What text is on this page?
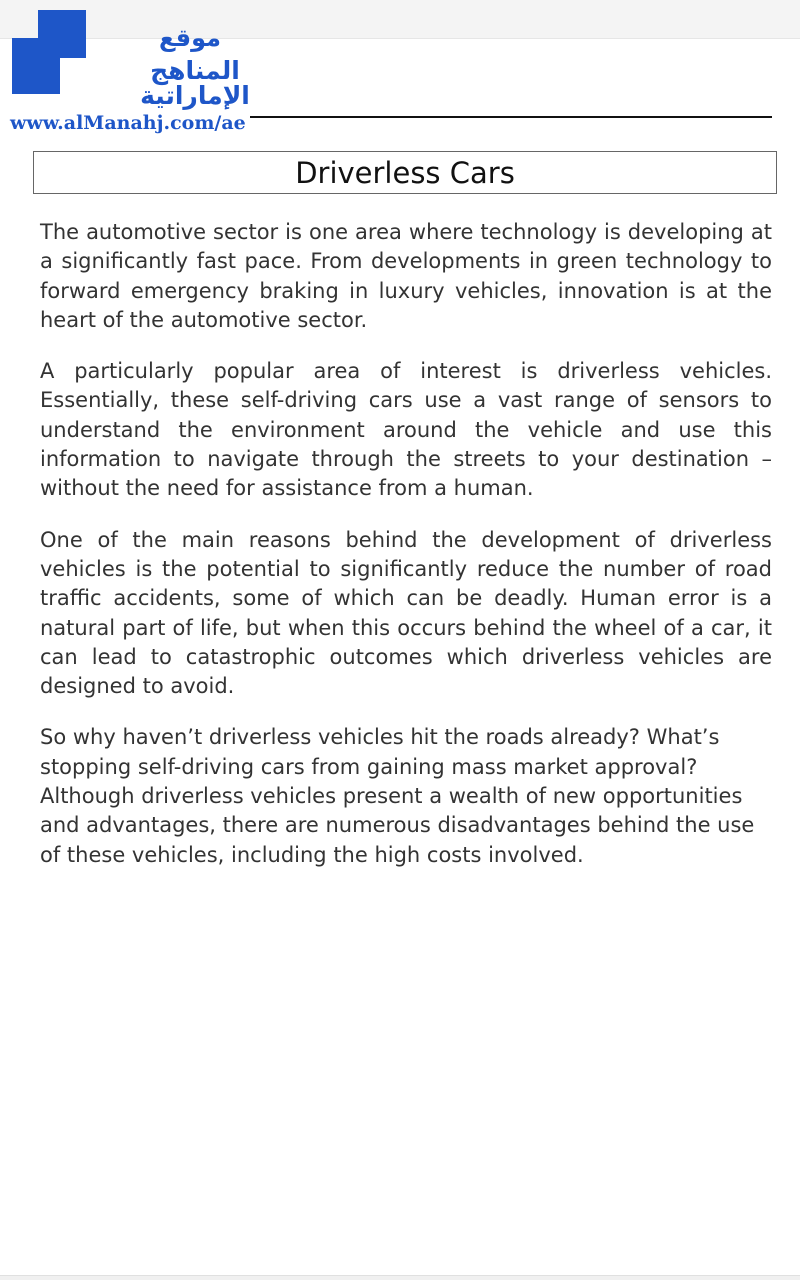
موقع
المناهج الإماراتية
www.alManahj.com/ae
Driverless Cars

The automotive sector is one area where technology is developing at a significantly fast pace. From developments in green technology to forward emergency braking in luxury vehicles, innovation is at the heart of the automotive sector.

A particularly popular area of interest is driverless vehicles. Essentially, these self-driving cars use a vast range of sensors to understand the environment around the vehicle and use this information to navigate through the streets to your destination – without the need for assistance from a human.

One of the main reasons behind the development of driverless vehicles is the potential to significantly reduce the number of road traffic accidents, some of which can be deadly. Human error is a natural part of life, but when this occurs behind the wheel of a car, it can lead to catastrophic outcomes which driverless vehicles are designed to avoid.

So why haven’t driverless vehicles hit the roads already? What’s stopping self-driving cars from gaining mass market approval? Although driverless vehicles present a wealth of new opportunities and advantages, there are numerous disadvantages behind the use of these vehicles, including the high costs involved.
